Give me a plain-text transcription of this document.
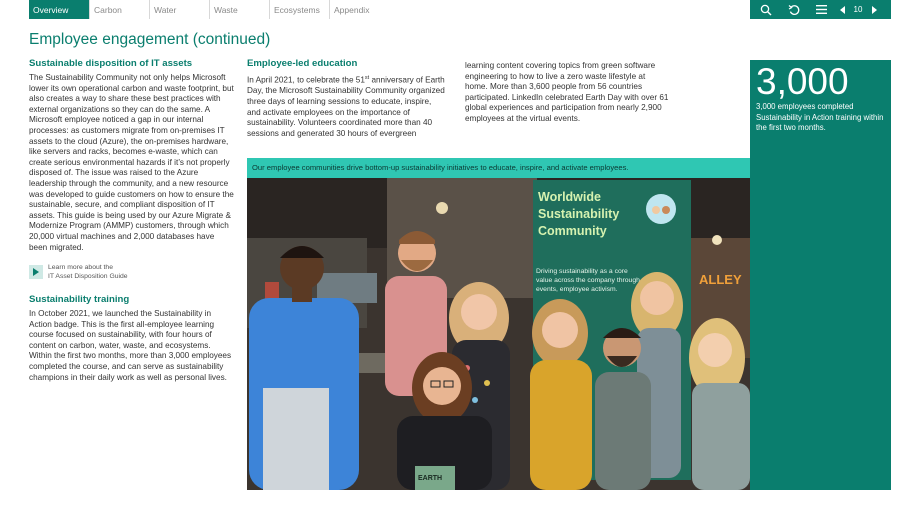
Overview	Carbon	Water	Waste	Ecosystems	Appendix	10
Employee engagement (continued)
Sustainable disposition of IT assets

The Sustainability Community not only helps Microsoft lower its own operational carbon and waste footprint, but also creates a way to share these best practices with external organizations so they can do the same. A Microsoft employee noticed a gap in our internal processes: as customers migrate from on-premises IT assets to the cloud (Azure), the on-premises hardware, like servers and racks, becomes e-waste, which can create serious environmental hazards if it’s not properly disposed of. The issue was raised to the Azure leadership through the community, and a new resource was developed to guide customers on how to ensure the sustainable, secure, and compliant disposition of IT assets. This guide is being used by our Azure Migrate & Modernize Program (AMMP) customers, through which 20,000 virtual machines and 2,000 databases have been migrated.

Learn more about the
IT Asset Disposition Guide
Sustainability training

In October 2021, we launched the Sustainability in Action badge. This is the first all-employee learning course focused on sustainability, with four hours of content on carbon, water, waste, and ecosystems. Within the first two months, more than 3,000 employees completed the course, and can serve as sustainability champions in their daily work as well as personal lives.

Employee-led education

In April 2021, to celebrate the 51st anniversary of Earth Day, the Microsoft Sustainability Community organized three days of learning sessions to educate, inspire, and activate employees on the importance of sustainability. Volunteers coordinated more than 40 sessions and generated 30 hours of evergreen

learning content covering topics from green software engineering to how to live a zero waste lifestyle at home. More than 3,600 people from 56 countries participated. LinkedIn celebrated Earth Day with over 61 global experiences and participation from nearly 2,900 employees at the virtual events.

3,000
3,000 employees completed Sustainability in Action training within the first two months.
Our employee communities drive bottom-up sustainability initiatives to educate, inspire, and activate employees.
Worldwide
Sustainability
Community
Driving sustainability as a core
value across the company through
events, employee activism.
ALLEY
EARTH
